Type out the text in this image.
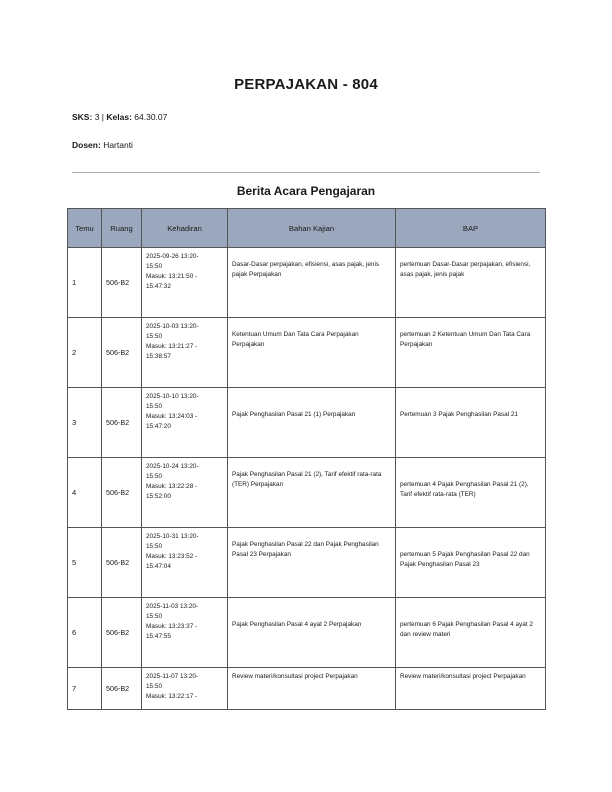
PERPAJAKAN - 804
SKS: 3 | Kelas: 64.30.07
Dosen: Hartanti
Berita Acara Pengajaran
Temu	Ruang	Kehadiran	Bahan Kajian	BAP

1	506-B2	2025-09-26 13:20-
15:50
Masuk: 13:21:50 -
15:47:32	Dasar-Dasar perpajakan, efisiensi, asas pajak, jenis pajak Perpajakan	pertemuan Dasar-Dasar perpajakan, efisiensi, asas pajak, jenis pajak

2	506-B2	2025-10-03 13:20-
15:50
Masuk: 13:21:27 -
15:38:57	Ketentuan Umum Dan Tata Cara Perpajakan Perpajakan	pertemuan 2 Ketentuan Umum Dan Tata Cara Perpajakan

3	506-B2	2025-10-10 13:20-
15:50
Masuk: 13:24:03 -
15:47:20	Pajak Penghasilan Pasal 21 (1) Perpajakan	Pertemuan 3 Pajak Penghasilan Pasal 21

4	506-B2	2025-10-24 13:20-
15:50
Masuk: 13:22:28 -
15:52:00	Pajak Penghasilan Pasal 21 (2), Tarif efektif rata-rata (TER) Perpajakan	pertemuan 4 Pajak Penghasilan Pasal 21 (2), Tarif efektif rata-rata (TER)

5	506-B2	2025-10-31 13:20-
15:50
Masuk: 13:23:52 -
15:47:04	Pajak Penghasilan Pasal 22 dan Pajak Penghasilan Pasal 23 Perpajakan	pertemuan 5 Pajak Penghasilan Pasal 22 dan Pajak Penghasilan Pasal 23

6	506-B2	2025-11-03 13:20-
15:50
Masuk: 13:23:37 -
15:47:55	Pajak Penghasilan Pasal 4 ayat 2 Perpajakan	pertemuan 6 Pajak Penghasilan Pasal 4 ayat 2 dan review materi

7	506-B2	2025-11-07 13:20-
15:50
Masuk: 13:22:17 -	Review materi/konsultasi project Perpajakan	Review materi/konsultasi project Perpajakan
